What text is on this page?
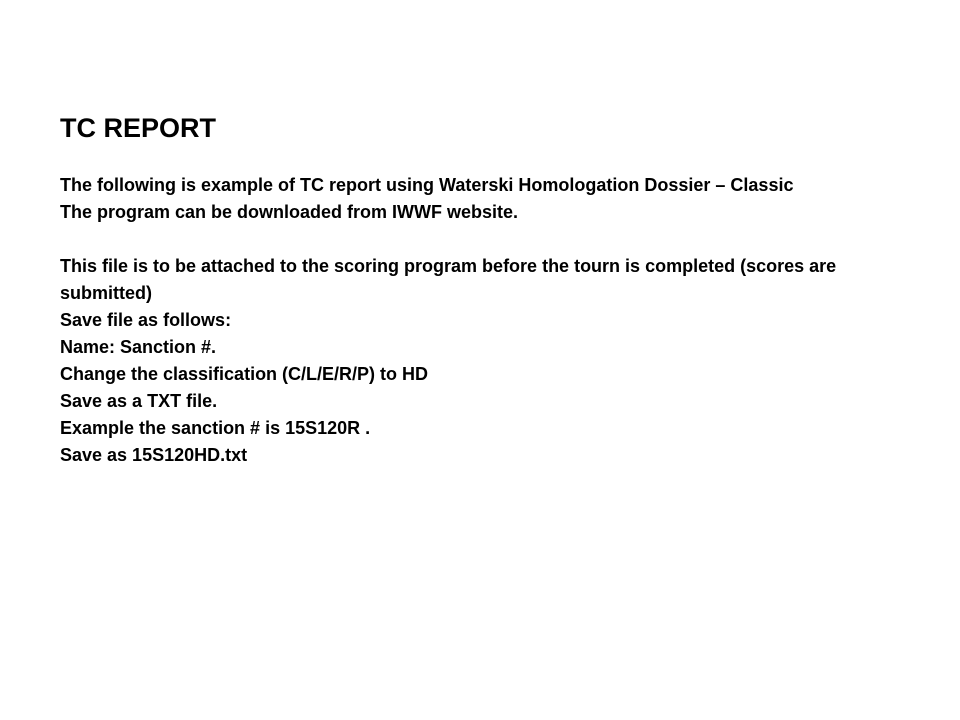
TC REPORT

The following is example of TC report using Waterski Homologation Dossier – Classic

The program can be downloaded from IWWF website.

This file is to be attached to the scoring program before the tourn is completed (scores are submitted)

Save file as follows:

Name: Sanction #.

Change the classification (C/L/E/R/P) to HD

Save as a TXT file.

Example the sanction # is 15S120R .

Save as 15S120HD.txt
